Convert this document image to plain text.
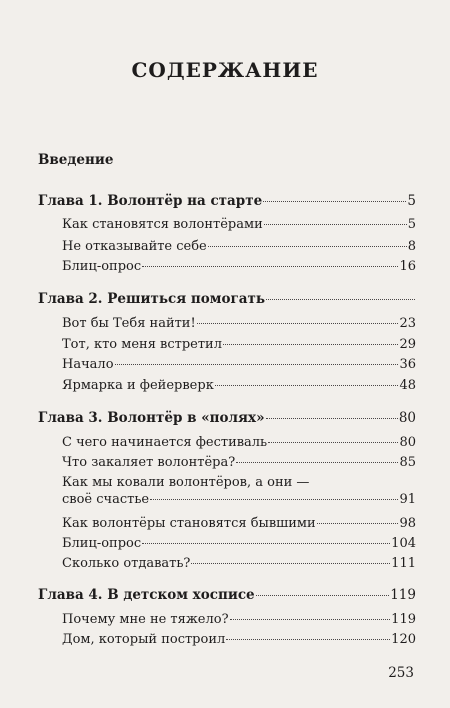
СОДЕРЖАНИЕ
Введение
Глава 1. Волонтёр на старте	5
Как становятся волонтёрами	5
Не отказывайте себе	8
Блиц-опрос	16
Глава 2. Решиться помогать
Вот бы Тебя найти!	23
Тот, кто меня встретил	29
Начало	36
Ярмарка и фейерверк	48
Глава 3. Волонтёр в «полях»	80
С чего начинается фестиваль	80
Что закаляет волонтёра?	85
Как мы ковали волонтёров, а они —
своё счастье	91
Как волонтёры становятся бывшими	98
Блиц-опрос	104
Сколько отдавать?	111
Глава 4. В детском хосписе	119
Почему мне не тяжело?	119
Дом, который построил	120
253
